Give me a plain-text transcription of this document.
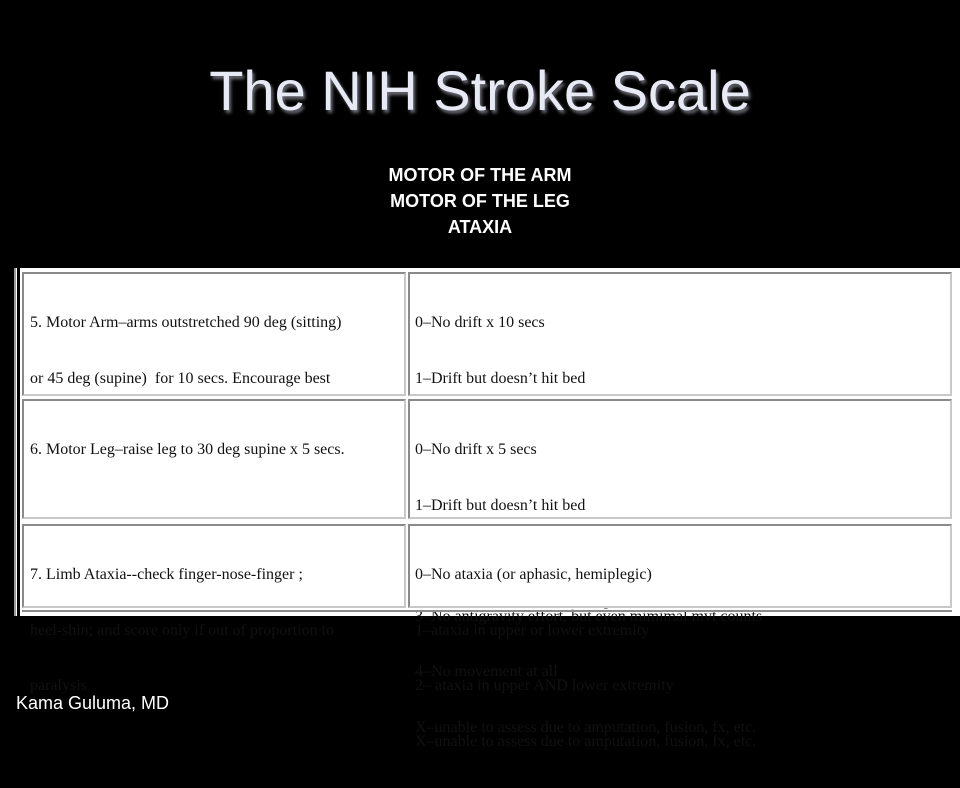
The NIH Stroke Scale
MOTOR OF THE ARM
MOTOR OF THE LEG
ATAXIA

5. Motor Arm–arms outstretched 90 deg (sitting)

or 45 deg (supine)  for 10 secs. Encourage best

0–No drift x 10 secs

1–Drift but doesn’t hit bed

6. Motor Leg–raise leg to 30 deg supine x 5 secs.

	0–No drift x 5 secs

1–Drift but doesn’t hit bed

3–No antigravity effort, but even mimimal mvt counts

4–No movement at all

X–unable to assess due to amputation, fusion, fx, etc.

7. Limb Ataxia--check finger-nose-finger ;

heel-shin; and score only if out of proportion to

paralysis

0–No ataxia (or aphasic, hemiplegic)

1–ataxia in upper or lower extremity

2– ataxia in upper AND lower extremity

X–unable to assess due to amputation, fusion, fx, etc.

Kama Guluma, MD
